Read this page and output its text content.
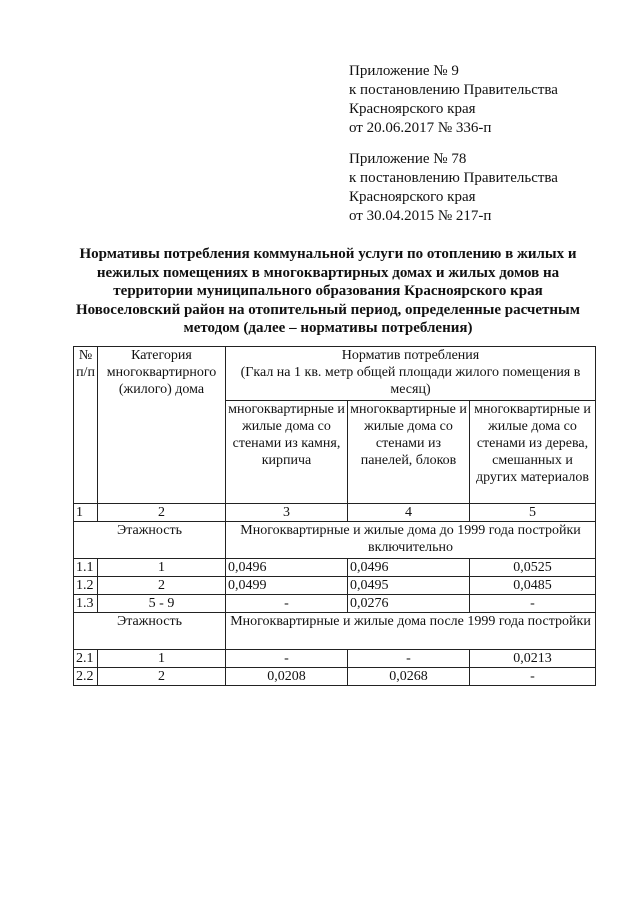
Приложение № 9
к постановлению Правительства
Красноярского края
от 20.06.2017 № 336-п
Приложение № 78
к постановлению Правительства
Красноярского края
от 30.04.2015 № 217-п
Нормативы потребления коммунальной услуги по отоплению в жилых и
нежилых помещениях в многоквартирных домах и жилых домов на
территории муниципального образования Красноярского края
Новоселовский район на отопительный период, определенные расчетным
методом (далее – нормативы потребления)
№ п/п	Категория многоквартирного (жилого) дома	Норматив потребления
(Гкал на 1 кв. метр общей площади жилого помещения в месяц)		

		многоквартирные и жилые дома со стенами из камня, кирпича	многоквартирные и жилые дома со стенами из панелей, блоков	многоквартирные и жилые дома со стенами из дерева, смешанных и других материалов
1	2	3	4	5
Этажность		Многоквартирные и жилые дома до 1999 года постройки включительно		
1.1	1	0,0496	0,0496	0,0525
1.2	2	0,0499	0,0495	0,0485
1.3	5 - 9	-	0,0276	-
Этажность		Многоквартирные и жилые дома после 1999 года постройки		
2.1	1	-	-	0,0213
2.2	2	0,0208	0,0268	-
